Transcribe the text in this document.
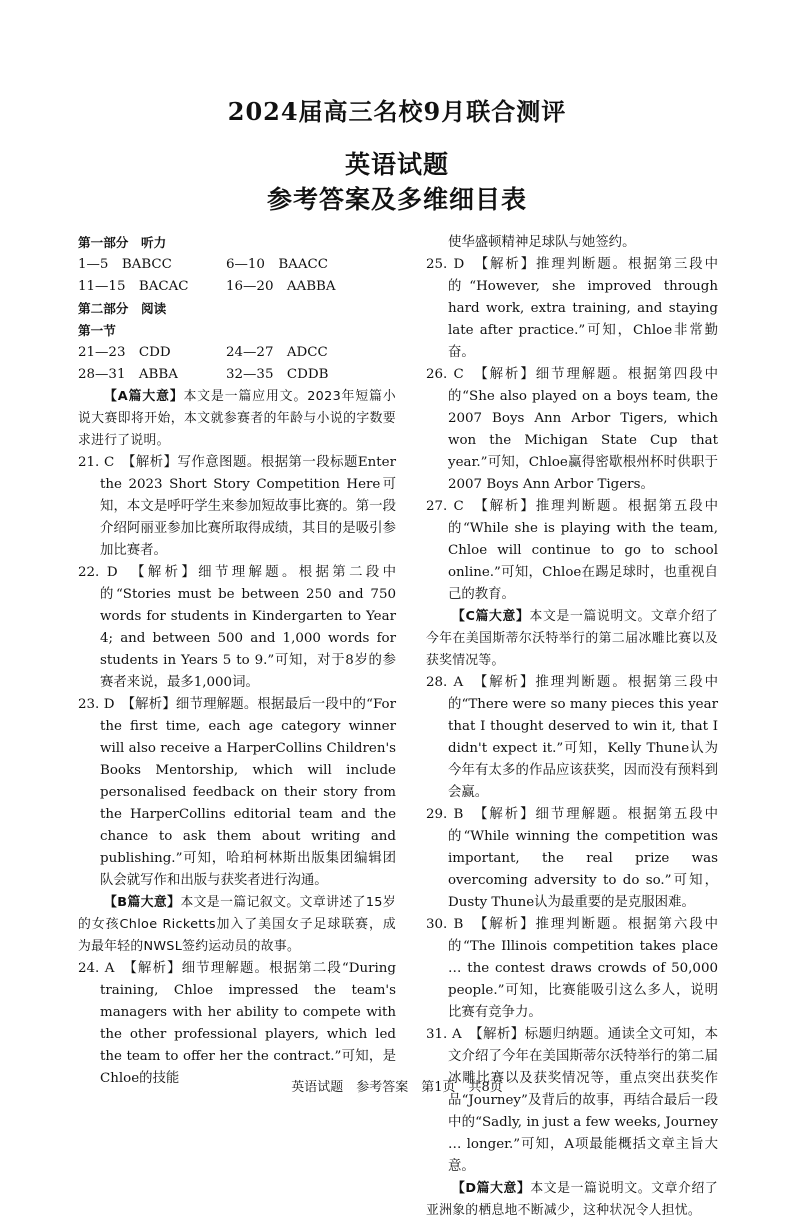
2024届高三名校9月联合测评
英语试题
参考答案及多维细目表

第一部分　听力

1—5　BABCC	6—10　BAACC
11—15　BACAC	16—20　AABBA

第二部分　阅读

第一节

21—23　CDD	24—27　ADCC
28—31　ABBA	32—35　CDDB

【A篇大意】本文是一篇应用文。2023年短篇小说大赛即将开始，本文就参赛者的年龄与小说的字数要求进行了说明。

21. C　【解析】写作意图题。根据第一段标题Enter the 2023 Short Story Competition Here可知，本文是呼吁学生来参加短故事比赛的。第一段介绍阿丽亚参加比赛所取得成绩，其目的是吸引参加比赛者。

22. D　【解析】细节理解题。根据第二段中的“Stories must be between 250 and 750 words for students in Kindergarten to Year 4; and between 500 and 1,000 words for students in Years 5 to 9.”可知，对于8岁的参赛者来说，最多1,000词。

23. D　【解析】细节理解题。根据最后一段中的“For the first time, each age category winner will also receive a HarperCollins Children's Books Mentorship, which will include personalised feedback on their story from the HarperCollins editorial team and the chance to ask them about writing and publishing.”可知，哈珀柯林斯出版集团编辑团队会就写作和出版与获奖者进行沟通。

【B篇大意】本文是一篇记叙文。文章讲述了15岁的女孩Chloe Ricketts加入了美国女子足球联赛，成为最年轻的NWSL签约运动员的故事。

24. A　【解析】细节理解题。根据第二段“During training, Chloe impressed the team's managers with her ability to compete with the other professional players, which led the team to offer her the contract.”可知，是Chloe的技能

使华盛顿精神足球队与她签约。

25. D　【解析】推理判断题。根据第三段中的“However, she improved through hard work, extra training, and staying late after practice.”可知，Chloe非常勤奋。

26. C　【解析】细节理解题。根据第四段中的“She also played on a boys team, the 2007 Boys Ann Arbor Tigers, which won the Michigan State Cup that year.”可知，Chloe赢得密歇根州杯时供职于2007 Boys Ann Arbor Tigers。

27. C　【解析】推理判断题。根据第五段中的“While she is playing with the team, Chloe will continue to go to school online.”可知，Chloe在踢足球时，也重视自己的教育。

【C篇大意】本文是一篇说明文。文章介绍了今年在美国斯蒂尔沃特举行的第二届冰雕比赛以及获奖情况等。

28. A　【解析】推理判断题。根据第三段中的“There were so many pieces this year that I thought deserved to win it, that I didn't expect it.”可知，Kelly Thune认为今年有太多的作品应该获奖，因而没有预料到会赢。

29. B　【解析】细节理解题。根据第五段中的“While winning the competition was important, the real prize was overcoming adversity to do so.”可知，Dusty Thune认为最重要的是克服困难。

30. B　【解析】推理判断题。根据第六段中的“The Illinois competition takes place … the contest draws crowds of 50,000 people.”可知，比赛能吸引这么多人，说明比赛有竞争力。

31. A　【解析】标题归纳题。通读全文可知，本文介绍了今年在美国斯蒂尔沃特举行的第二届冰雕比赛以及获奖情况等，重点突出获奖作品“Journey”及背后的故事，再结合最后一段中的“Sadly, in just a few weeks, Journey … longer.”可知，A项最能概括文章主旨大意。

【D篇大意】本文是一篇说明文。文章介绍了亚洲象的栖息地不断减少，这种状况令人担忧。

英语试题　参考答案　第1页　共8页
